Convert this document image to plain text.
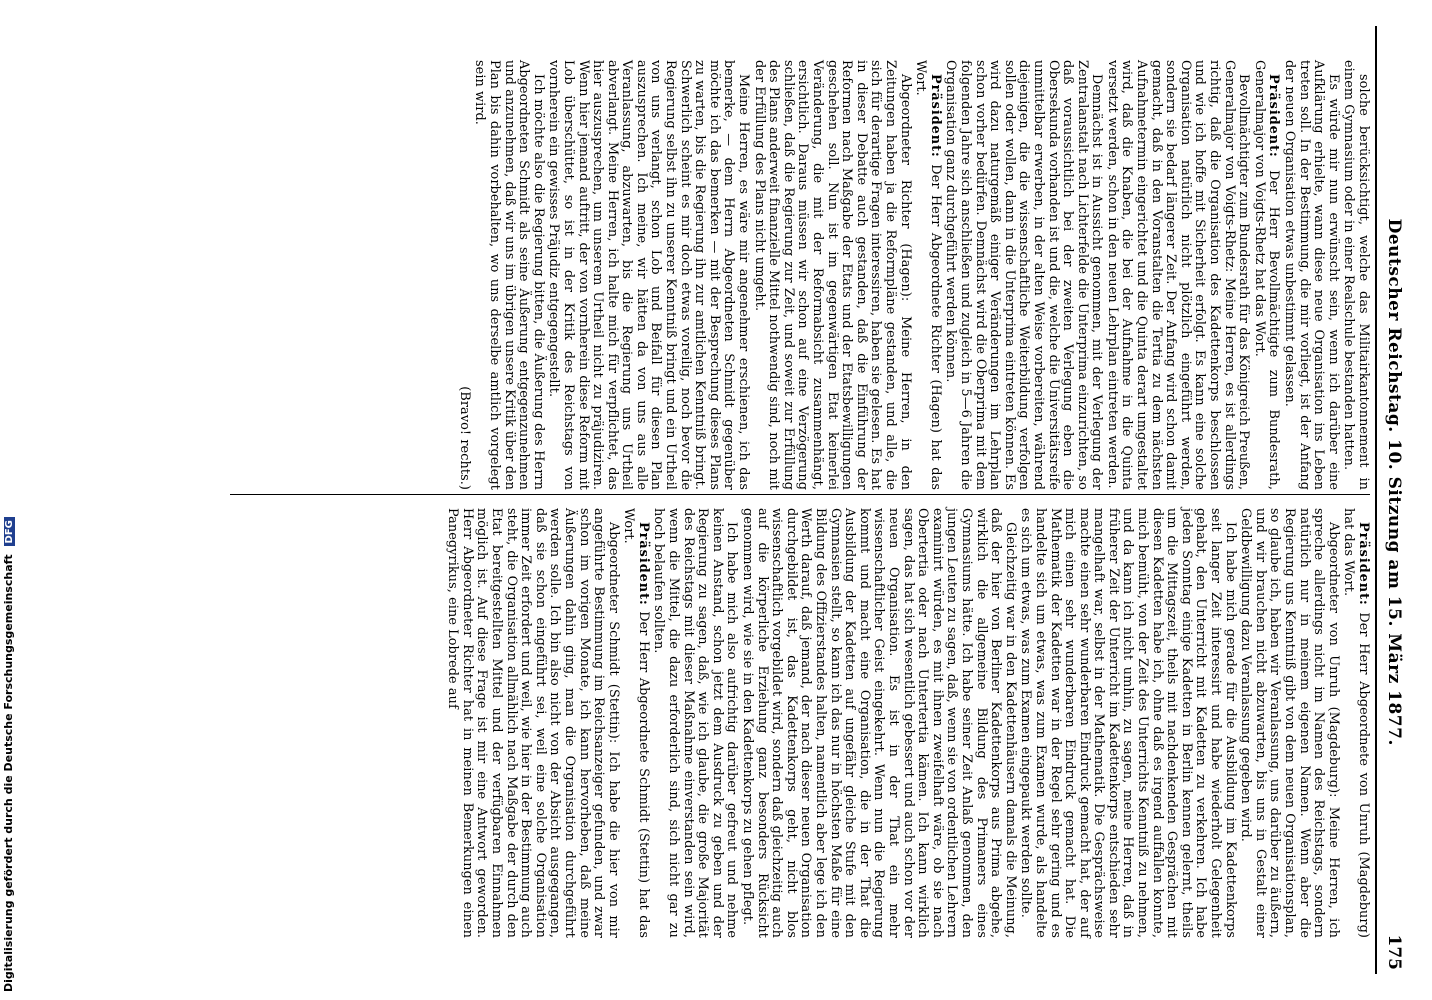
Deutscher Reichstag. 10. Sitzung am 15. März 1877.
175

solche berücksichtigt, welche das Militairkantonnement in einem Gymnasium oder in einer Realschule bestanden hatten.

Es würde mir nun erwünscht sein, wenn ich darüber eine Aufklärung erhielte, wann diese neue Organisation ins Leben treten soll. In der Bestimmung, die mir vorliegt, ist der Anfang der neuen Organisation etwas unbestimmt gelassen.

Präsident: Der Herr Bevollmächtigte zum Bundesrath, Generalmajor von Voigts-Rhetz hat das Wort.

Bevollmächtigter zum Bundesrath für das Königreich Preußen, Generalmajor von Voigts-Rhetz: Meine Herren, es ist allerdings richtig, daß die Organisation des Kadettenkorps beschlossen und wie ich hoffe mit Sicherheit erfolgt. Es kann eine solche Organisation natürlich nicht plötzlich eingeführt werden, sondern sie bedarf längerer Zeit. Der Anfang wird schon damit gemacht, daß in den Voranstalten die Tertia zu dem nächsten Aufnahmetermin eingerichtet und die Quinta derart umgestaltet wird, daß die Knaben, die bei der Aufnahme in die Quinta versetzt werden, schon in den neuen Lehrplan eintreten werden.

Demnächst ist in Aussicht genommen, mit der Verlegung der Zentralanstalt nach Lichterfelde die Unterprima einzurichten, so daß voraussichtlich bei der zweiten Verlegung eben die Obersekunda vorhanden ist und die, welche die Universitätsreife unmittelbar erwerben, in der alten Weise vorbereiten, während diejenigen, die die wissenschaftliche Weiterbildung verfolgen sollen oder wollen, dann in die Unterprima eintreten können. Es wird dazu naturgemäß einiger Veränderungen im Lehrplan schon vorher bedürfen. Demnächst wird die Oberprima mit dem folgenden Jahre sich anschließen und zugleich in 5—6 Jahren die Organisation ganz durchgeführt werden können.

Präsident: Der Herr Abgeordnete Richter (Hagen) hat das Wort.

Abgeordneter Richter (Hagen): Meine Herren, in den Zeitungen haben ja die Reformpläne gestanden, und alle, die sich für derartige Fragen interessiren, haben sie gelesen. Es hat in dieser Debatte auch gestanden, daß die Einführung der Reformen nach Maßgabe der Etats und der Etatsbewilligungen geschehen soll. Nun ist im gegenwärtigen Etat keinerlei Veränderung, die mit der Reformabsicht zusammenhängt, ersichtlich. Daraus müssen wir schon auf eine Verzögerung schließen, daß die Regierung zur Zeit, und soweit zur Erfüllung des Plans anderweit finanzielle Mittel nothwendig sind, noch mit der Erfüllung des Plans nicht umgeht.

Meine Herren, es wäre mir angenehmer erschienen, ich das bemerke, — dem Herrn Abgeordneten Schmidt gegenüber möchte ich das bemerken — mit der Besprechung dieses Plans zu warten, bis die Regierung ihn zur amtlichen Kenntniß bringt. Schwerlich scheint es mir doch etwas voreilig, noch bevor die Regierung selbst ihn zu unserer Kenntniß bringt und ein Urtheil von uns verlangt, schon Lob und Beifall für diesen Plan auszusprechen. Ich meine, wir hätten da von uns aus alle Veranlassung, abzuwarten, bis die Regierung uns Urtheil abverlangt. Meine Herren, ich halte mich für verpflichtet, das hier auszusprechen, um unserem Urtheil nicht zu präjudiziren. Wenn hier jemand auftritt, der von vornherein diese Reform mit Lob überschüttet, so ist in der Kritik des Reichstags von vornherein ein gewisses Präjudiz entgegengestellt.

Ich möchte also die Regierung bitten, die Äußerung des Herrn Abgeordneten Schmidt als seine Äußerung entgegenzunehmen und anzunehmen, daß wir uns im übrigen unsere Kritik über den Plan bis dahin vorbehalten, wo uns derselbe amtlich vorgelegt sein wird.

(Bravo! rechts.)

Präsident: Der Herr Abgeordnete von Unruh (Magdeburg) hat das Wort.

Abgeordneter von Unruh (Magdeburg): Meine Herren, ich spreche allerdings nicht im Namen des Reichstags, sondern natürlich nur in meinem eigenen Namen. Wenn aber die Regierung uns Kenntniß gibt von dem neuen Organisationsplan, so glaube ich, haben wir Veranlassung, uns darüber zu äußern, und wir brauchen nicht abzuwarten, bis uns in Gestalt einer Geldbewilligung dazu Veranlassung gegeben wird.

Ich habe mich gerade für die Ausbildung im Kadettenkorps seit langer Zeit interessirt und habe wiederholt Gelegenheit gehabt, den Unterricht mit Kadetten zu verkehren. Ich habe jeden Sonntag einige Kadetten in Berlin kennen gelernt, theils um die Mittagszeit, theils mit nachdenkenden Gesprächen mit diesen Kadetten habe ich, ohne daß es irgend auffallen konnte, mich bemüht, von der Zeit des Unterrichts Kenntniß zu nehmen, und da kann ich nicht umhin, zu sagen, meine Herren, daß in früherer Zeit der Unterricht im Kadettenkorps entschieden sehr mangelhaft war, selbst in der Mathematik. Die Gesprächsweise machte einen sehr wunderbaren Eindruck gemacht hat, der auf mich einen sehr wunderbaren Eindruck gemacht hat. Die Mathematik der Kadetten war in der Regel sehr gering und es handelte sich um etwas, was zum Examen wurde, als handelte es sich um etwas, was zum Examen eingepaukt werden sollte.

Gleichzeitig war in den Kadettenhäusern damals die Meinung, daß der hier von Berliner Kadettenkorps aus Prima abgehe, wirklich die allgemeine Bildung des Primaners eines Gymnasiums hätte. Ich habe seiner Zeit Anlaß genommen, den jungen Leuten zu sagen, daß, wenn sie von ordentlichen Lehrern examinirt würden, es mit ihnen zweifelhaft wäre, ob sie nach Obertertia oder nach Untertertia kämen. Ich kann wirklich sagen, das hat sich wesentlich gebessert und auch schon vor der neuen Organisation. Es ist in der That ein mehr wissenschaftlicher Geist eingekehrt. Wenn nun die Regierung kommt und macht eine Organisation, die in der That die Ausbildung der Kadetten auf ungefähr gleiche Stufe mit den Gymnasien stellt, so kann ich das nur in höchsten Maße für eine Bildung des Offizierstandes halten, namentlich aber lege ich den Werth darauf, daß jemand, der nach dieser neuen Organisation durchgebildet ist, das Kadettenkorps geht, nicht blos wissenschaftlich vorgebildet wird, sondern daß gleichzeitig auch auf die körperliche Erziehung ganz besonders Rücksicht genommen wird, wie sie in den Kadettenkorps zu gehen pflegt.

Ich habe mich also aufrichtig darüber gefreut und nehme keinen Anstand, schon jetzt dem Ausdruck zu geben und der Regierung zu sagen, daß, wie ich glaube, die große Majorität des Reichstags mit dieser Maßnahme einverstanden sein wird, wenn die Mittel, die dazu erforderlich sind, sich nicht gar zu hoch belaufen sollten.

Präsident: Der Herr Abgeordnete Schmidt (Stettin) hat das Wort.

Abgeordneter Schmidt (Stettin): Ich habe die hier von mir angeführte Bestimmung im Reichsanzeiger gefunden, und zwar schon im vorigen Monate, ich kann hervorheben, daß meine Äußerungen dahin ging, man die Organisation durchgeführt werden solle. Ich bin also nicht von der Absicht ausgegangen, daß sie schon eingeführt sei, weil eine solche Organisation immer Zeit erfordert und weil, wie hier in der Bestimmung auch steht, die Organisation allmählich nach Maßgabe der durch den Etat bereitgestellten Mittel und der verfügbaren Einnahmen möglich ist. Auf diese Frage ist mir eine Antwort geworden. Herr Abgeordneter Richter hat in meinen Bemerkungen einen Panegyrikus, eine Lobrede auf

Digitalisierung gefördert durch die Deutsche Forschungsgemeinschaft DFG
